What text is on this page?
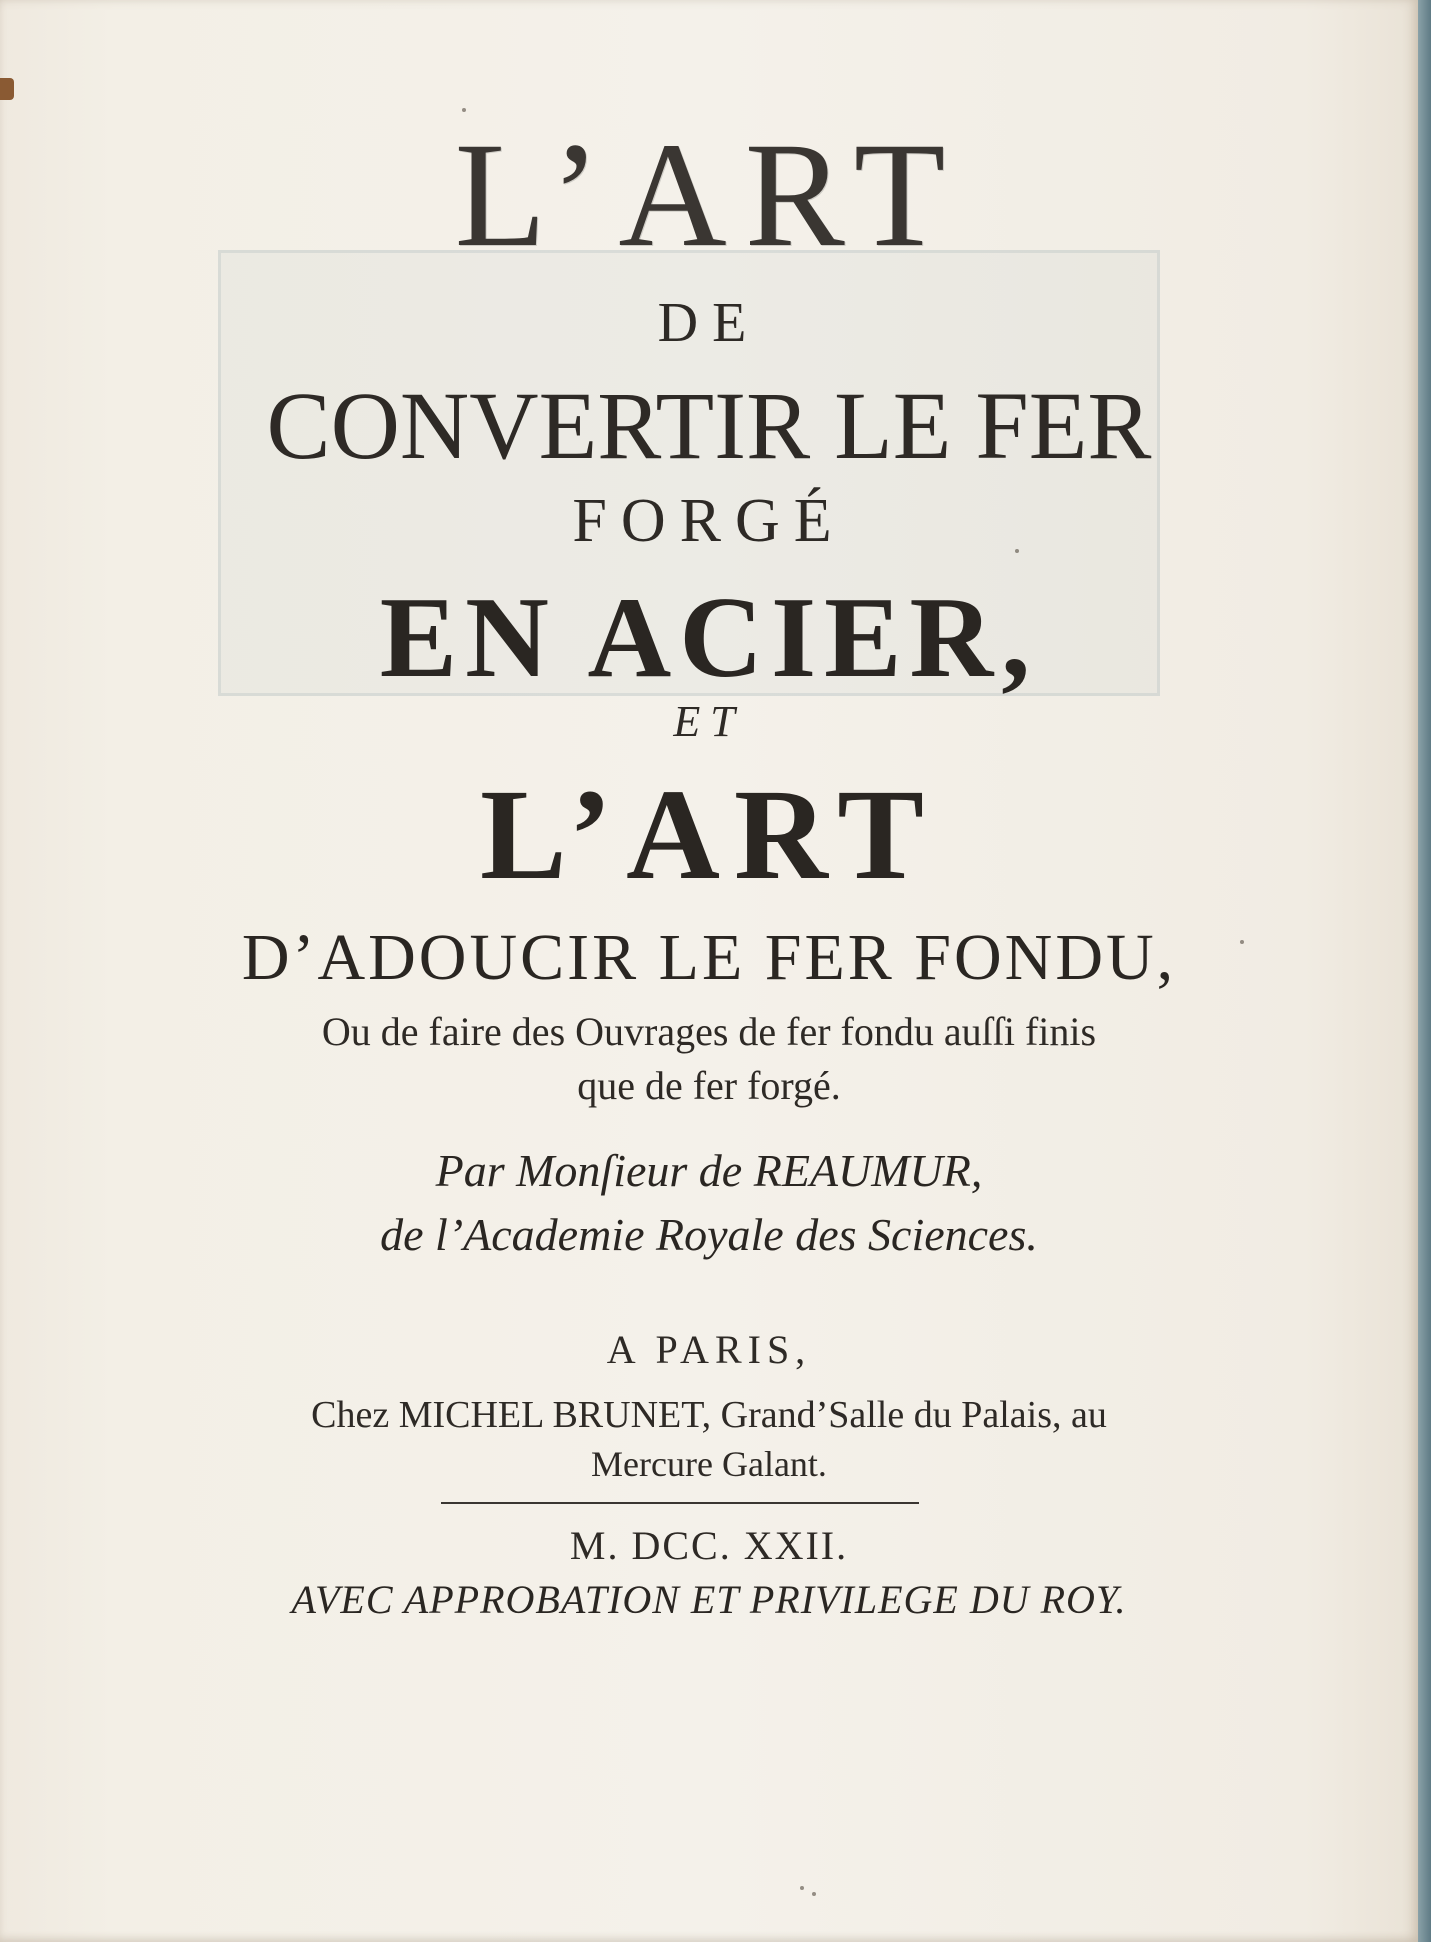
L’ART

DE

CONVERTIR LE FER

FORGÉ

EN ACIER,

ET

L’ART

D’ADOUCIR LE FER FONDU,

Ou de faire des Ouvrages de fer fondu auſſi finis

que de fer forgé.

Par Monſieur de REAUMUR,

de l’Academie Royale des Sciences.

A PARIS,

Chez MICHEL BRUNET, Grand’Salle du Palais, au

Mercure Galant.

M. DCC. XXII.

AVEC APPROBATION ET PRIVILEGE DU ROY.
